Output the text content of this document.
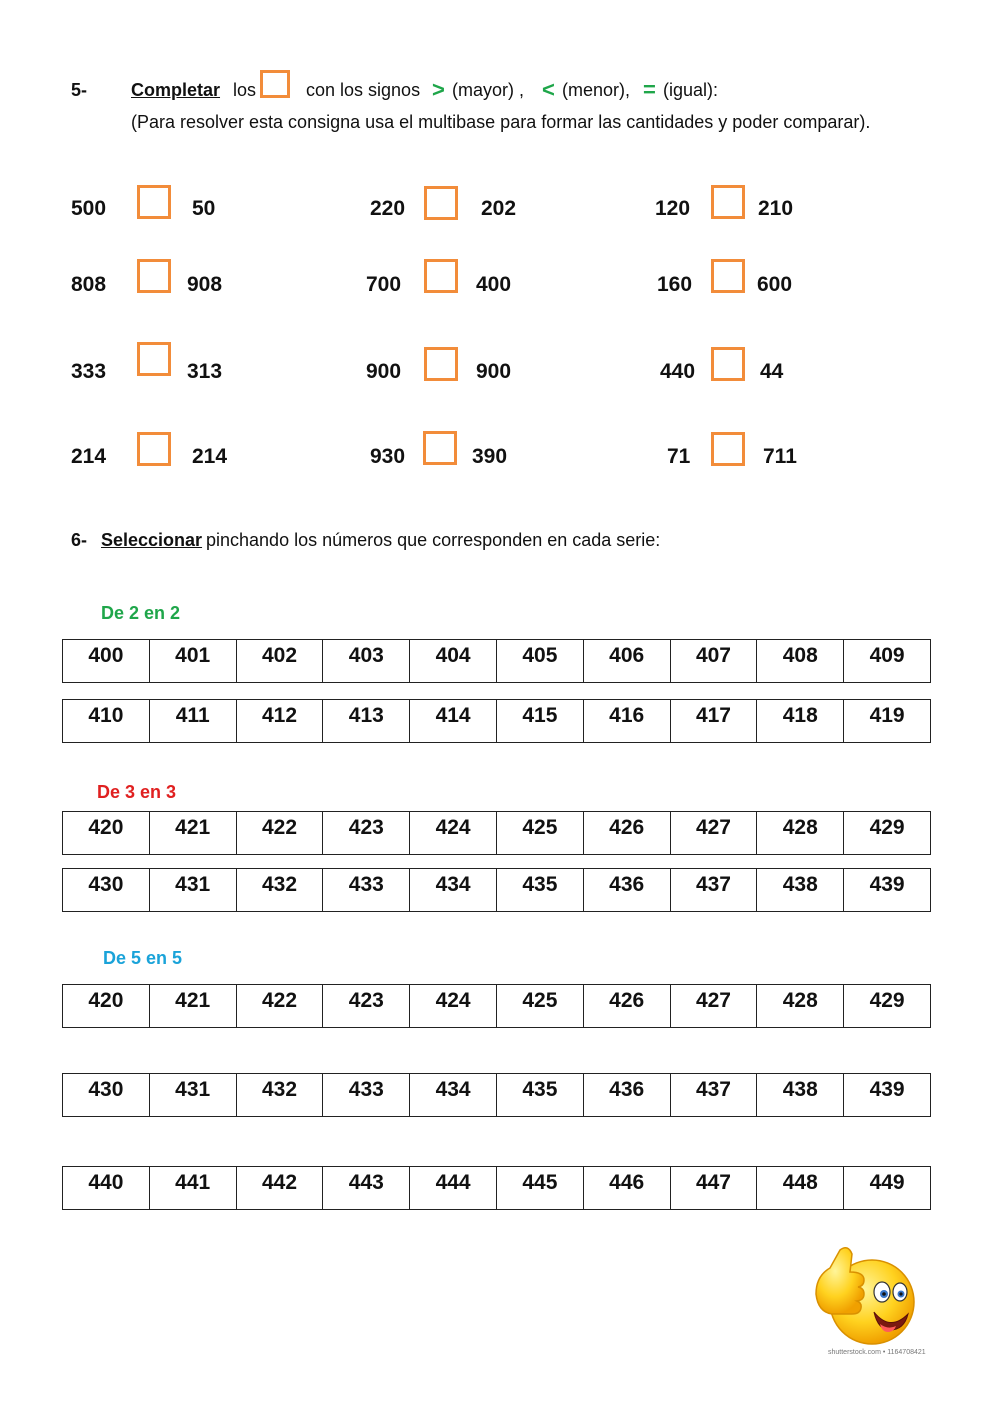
5- Completar los	con los signos > (mayor) , < (menor), = (igual):
(Para resolver esta consigna usa el multibase para formar las cantidades y poder comparar).
500	50	220	202	120	210
808	908	700	400	160	600
333	313	900	900	440	44
214	214	930	390	71	711
6- Seleccionar pinchando los números que corresponden en cada serie:
De 2 en 2
De 3 en 3
De 5 en 5
400	401	402	403	404	405	406	407	408	409
410	411	412	413	414	415	416	417	418	419
420	421	422	423	424	425	426	427	428	429
430	431	432	433	434	435	436	437	438	439
420	421	422	423	424	425	426	427	428	429
430	431	432	433	434	435	436	437	438	439
440	441	442	443	444	445	446	447	448	449
shutterstock.com • 1164708421
